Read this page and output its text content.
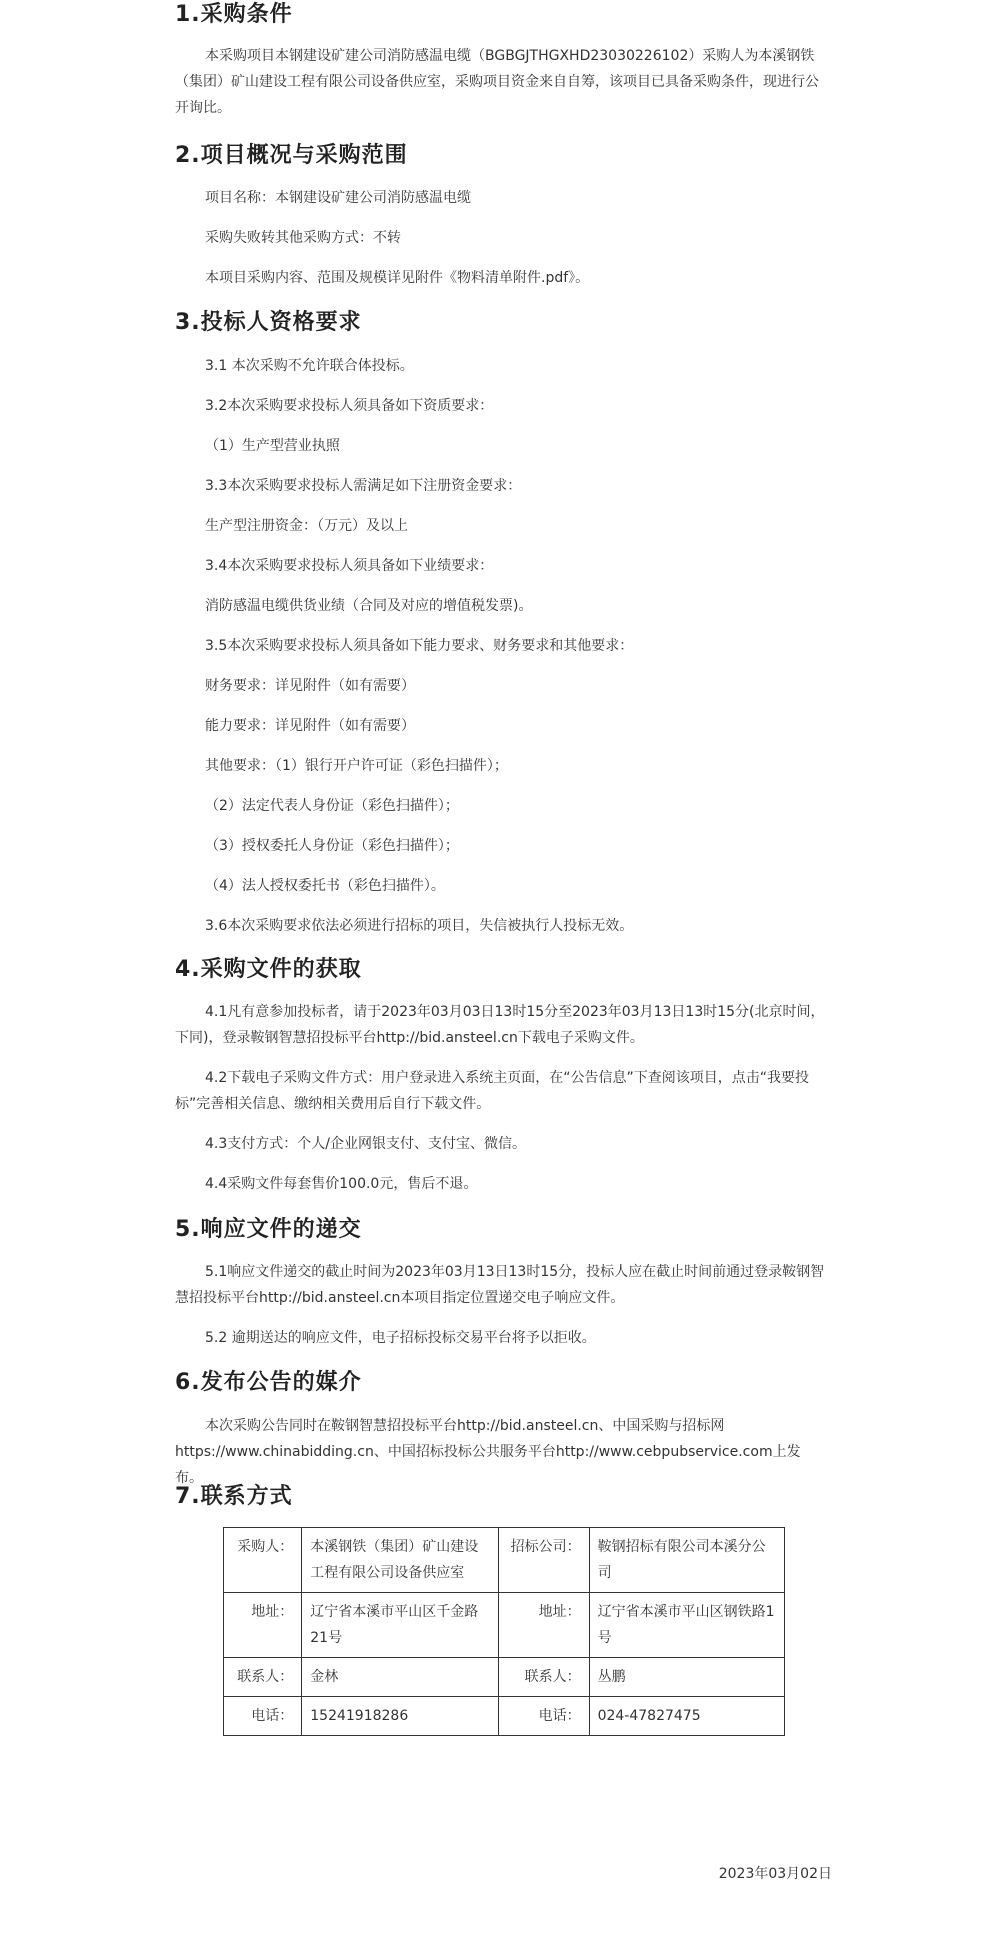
1.采购条件

本采购项目本钢建设矿建公司消防感温电缆（BGBGJTHGXHD23030226102）采购人为本溪钢铁（集团）矿山建设工程有限公司设备供应室，采购项目资金来自自筹，该项目已具备采购条件，现进行公开询比。

2.项目概况与采购范围

项目名称：本钢建设矿建公司消防感温电缆

采购失败转其他采购方式：不转

本项目采购内容、范围及规模详见附件《物料清单附件.pdf》。

3.投标人资格要求

3.1 本次采购不允许联合体投标。

3.2本次采购要求投标人须具备如下资质要求：

（1）生产型营业执照

3.3本次采购要求投标人需满足如下注册资金要求：

生产型注册资金：（万元）及以上

3.4本次采购要求投标人须具备如下业绩要求：

消防感温电缆供货业绩（合同及对应的增值税发票)。

3.5本次采购要求投标人须具备如下能力要求、财务要求和其他要求：

财务要求：详见附件（如有需要）

能力要求：详见附件（如有需要）

其他要求：（1）银行开户许可证（彩色扫描件）；

（2）法定代表人身份证（彩色扫描件）；

（3）授权委托人身份证（彩色扫描件）；

（4）法人授权委托书（彩色扫描件）。

3.6本次采购要求依法必须进行招标的项目，失信被执行人投标无效。

4.采购文件的获取

4.1凡有意参加投标者，请于2023年03月03日13时15分至2023年03月13日13时15分(北京时间，下同)，登录鞍钢智慧招投标平台http://bid.ansteel.cn下载电子采购文件。

4.2下载电子采购文件方式：用户登录进入系统主页面，在“公告信息”下查阅该项目，点击“我要投标”完善相关信息、缴纳相关费用后自行下载文件。

4.3支付方式：个人/企业网银支付、支付宝、微信。

4.4采购文件每套售价100.0元，售后不退。

5.响应文件的递交

5.1响应文件递交的截止时间为2023年03月13日13时15分，投标人应在截止时间前通过登录鞍钢智慧招投标平台http://bid.ansteel.cn本项目指定位置递交电子响应文件。

5.2 逾期送达的响应文件，电子招标投标交易平台将予以拒收。

6.发布公告的媒介

本次采购公告同时在鞍钢智慧招投标平台http://bid.ansteel.cn、中国采购与招标网https://www.chinabidding.cn、中国招标投标公共服务平台http://www.cebpubservice.com上发布。

7.联系方式
采购人：	本溪钢铁（集团）矿山建设工程有限公司设备供应室	招标公司：	鞍钢招标有限公司本溪分公司
地址：	辽宁省本溪市平山区千金路21号	地址：	辽宁省本溪市平山区钢铁路1号
联系人：	金林	联系人：	丛鹏
电话：	15241918286	电话：	024-47827475
2023年03月02日
